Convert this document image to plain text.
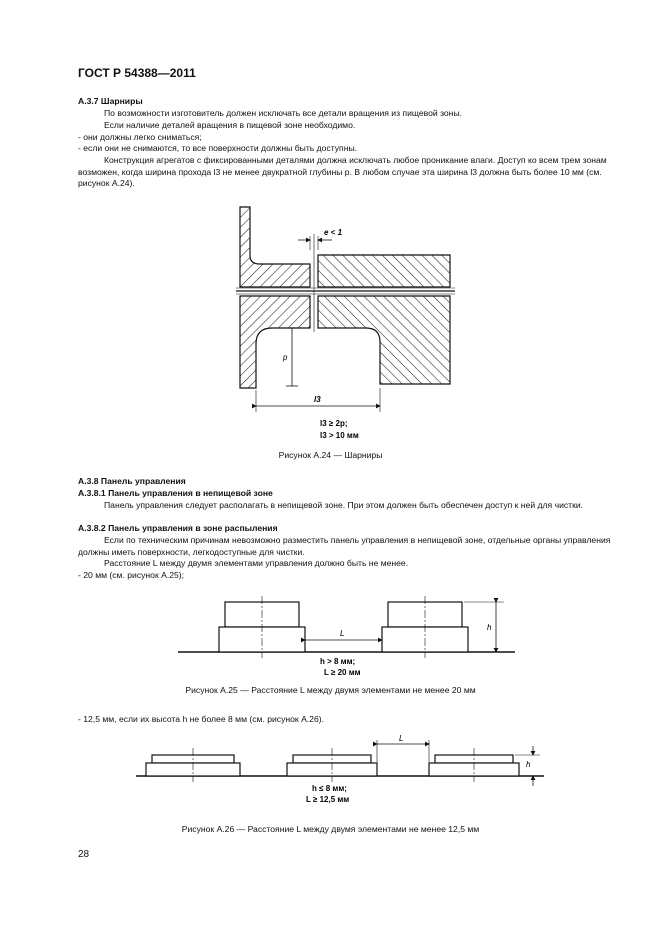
ГОСТ Р 54388—2011
А.3.7 Шарниры
По возможности изготовитель должен исключать все детали вращения из пищевой зоны.
Если наличие деталей вращения в пищевой зоне необходимо.
- они должны легко сниматься;
- если они не снимаются, то все поверхности должны быть доступны.
Конструкция агрегатов с фиксированными деталями должна исключать любое проникание влаги. Доступ ко всем трем зонам возможен, когда ширина прохода l3 не менее двукратной глубины p. В любом случае эта ширина l3 должна быть более 10 мм (см. рисунок А.24).
e < 1
p
l3
l3 ≥ 2p;
l3 > 10 мм
Рисунок А.24 — Шарниры
А.3.8 Панель управления
А.3.8.1 Панель управления в непищевой зоне
Панель управления следует располагать в непищевой зоне. При этом должен быть обеспечен доступ к ней для чистки.
А.3.8.2 Панель управления в зоне распыления
Если по техническим причинам невозможно разместить панель управления в непищевой зоне, отдельные органы управления должны иметь поверхности, легкодоступные для чистки.
Расстояние L между двумя элементами управления должно быть не менее.
- 20 мм (см. рисунок А.25);
L
h
h > 8 мм;
L ≥ 20 мм
Рисунок А.25 — Расстояние L между двумя элементами не менее 20 мм
- 12,5 мм, если их высота h не более 8 мм (см. рисунок А.26).
L
h
h ≤ 8 мм;
L ≥ 12,5 мм
Рисунок А.26 — Расстояние L между двумя элементами не менее 12,5 мм
28
